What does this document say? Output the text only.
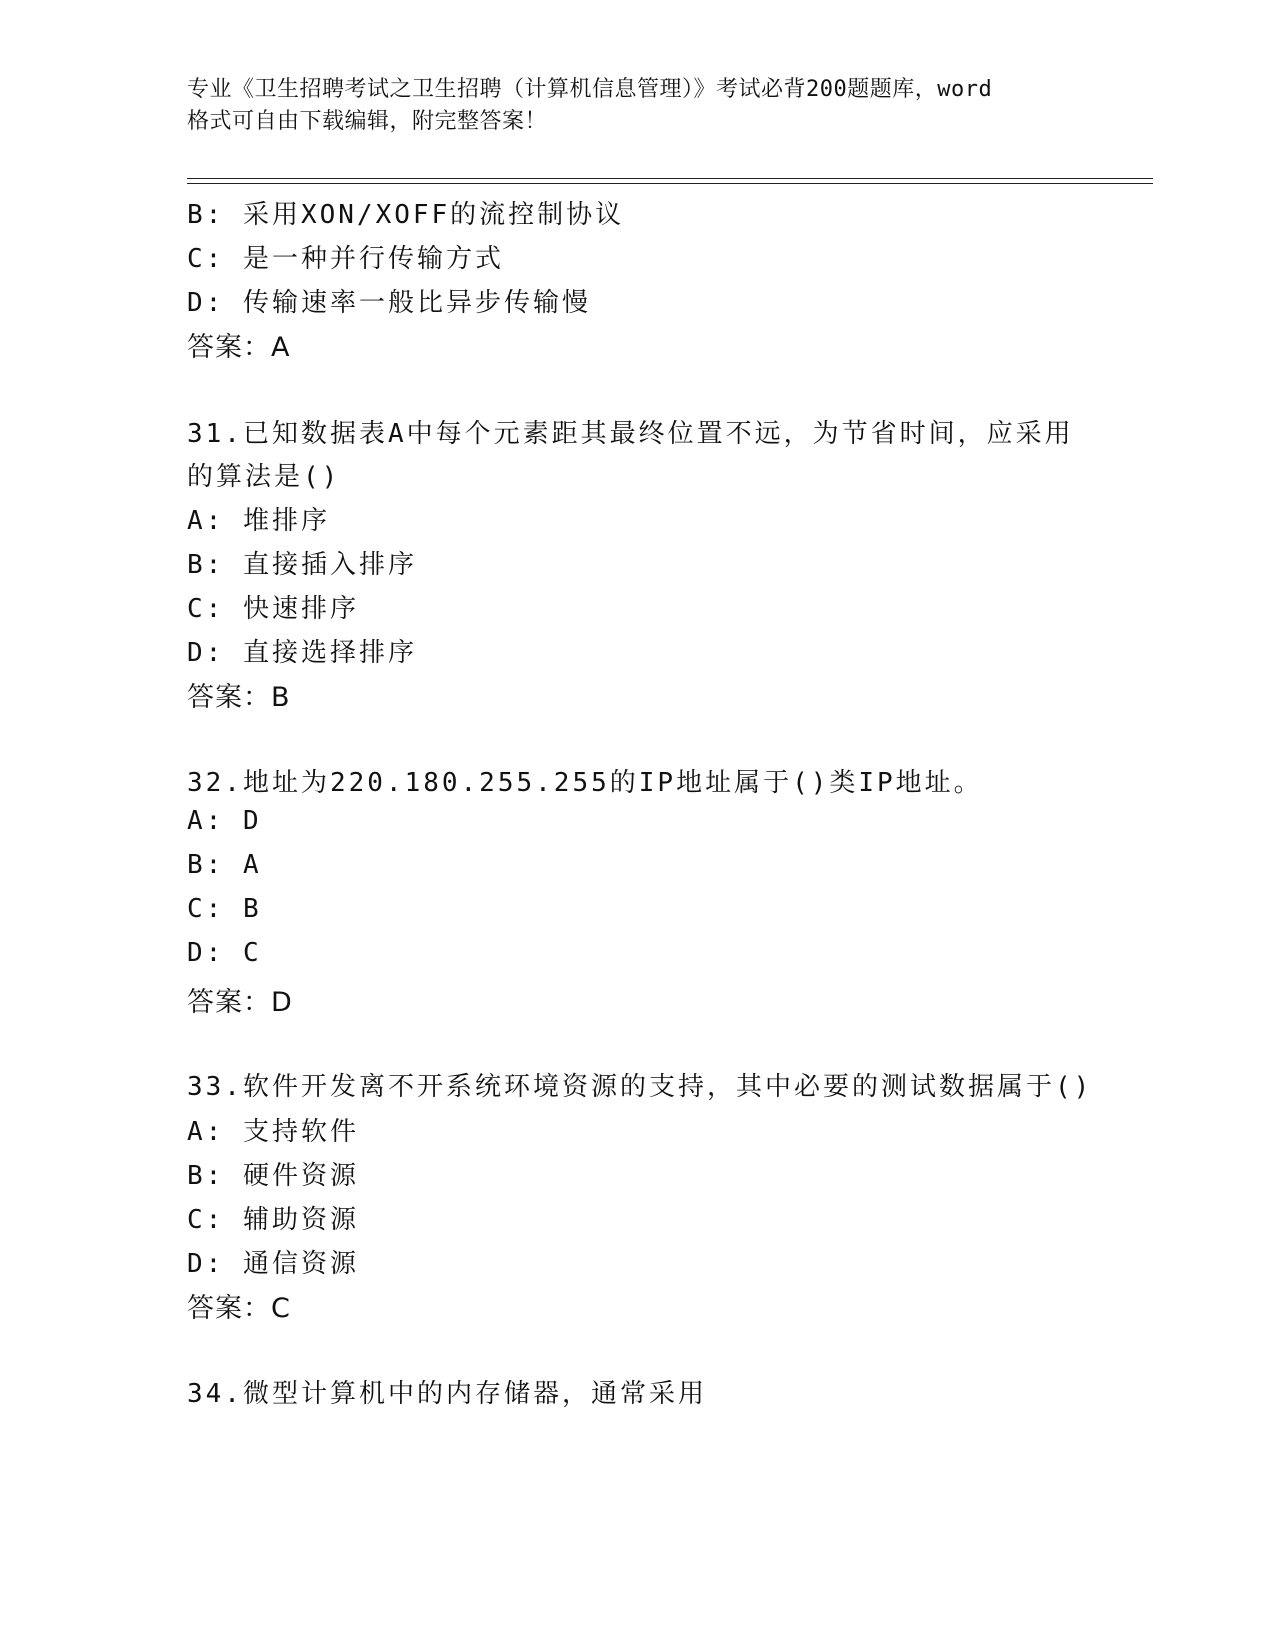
专业《卫生招聘考试之卫生招聘（计算机信息管理）》考试必背200题题库，word
格式可自由下载编辑，附完整答案！
B: 采用XON/XOFF的流控制协议
C: 是一种并行传输方式
D: 传输速率一般比异步传输慢
答案：A
31.已知数据表A中每个元素距其最终位置不远，为节省时间，应采用
的算法是()
A: 堆排序
B: 直接插入排序
C: 快速排序
D: 直接选择排序
答案：B
32.地址为220.180.255.255的IP地址属于()类IP地址。
A: D
B: A
C: B
D: C
答案：D
33.软件开发离不开系统环境资源的支持，其中必要的测试数据属于()
A: 支持软件
B: 硬件资源
C: 辅助资源
D: 通信资源
答案：C
34.微型计算机中的内存储器，通常采用
